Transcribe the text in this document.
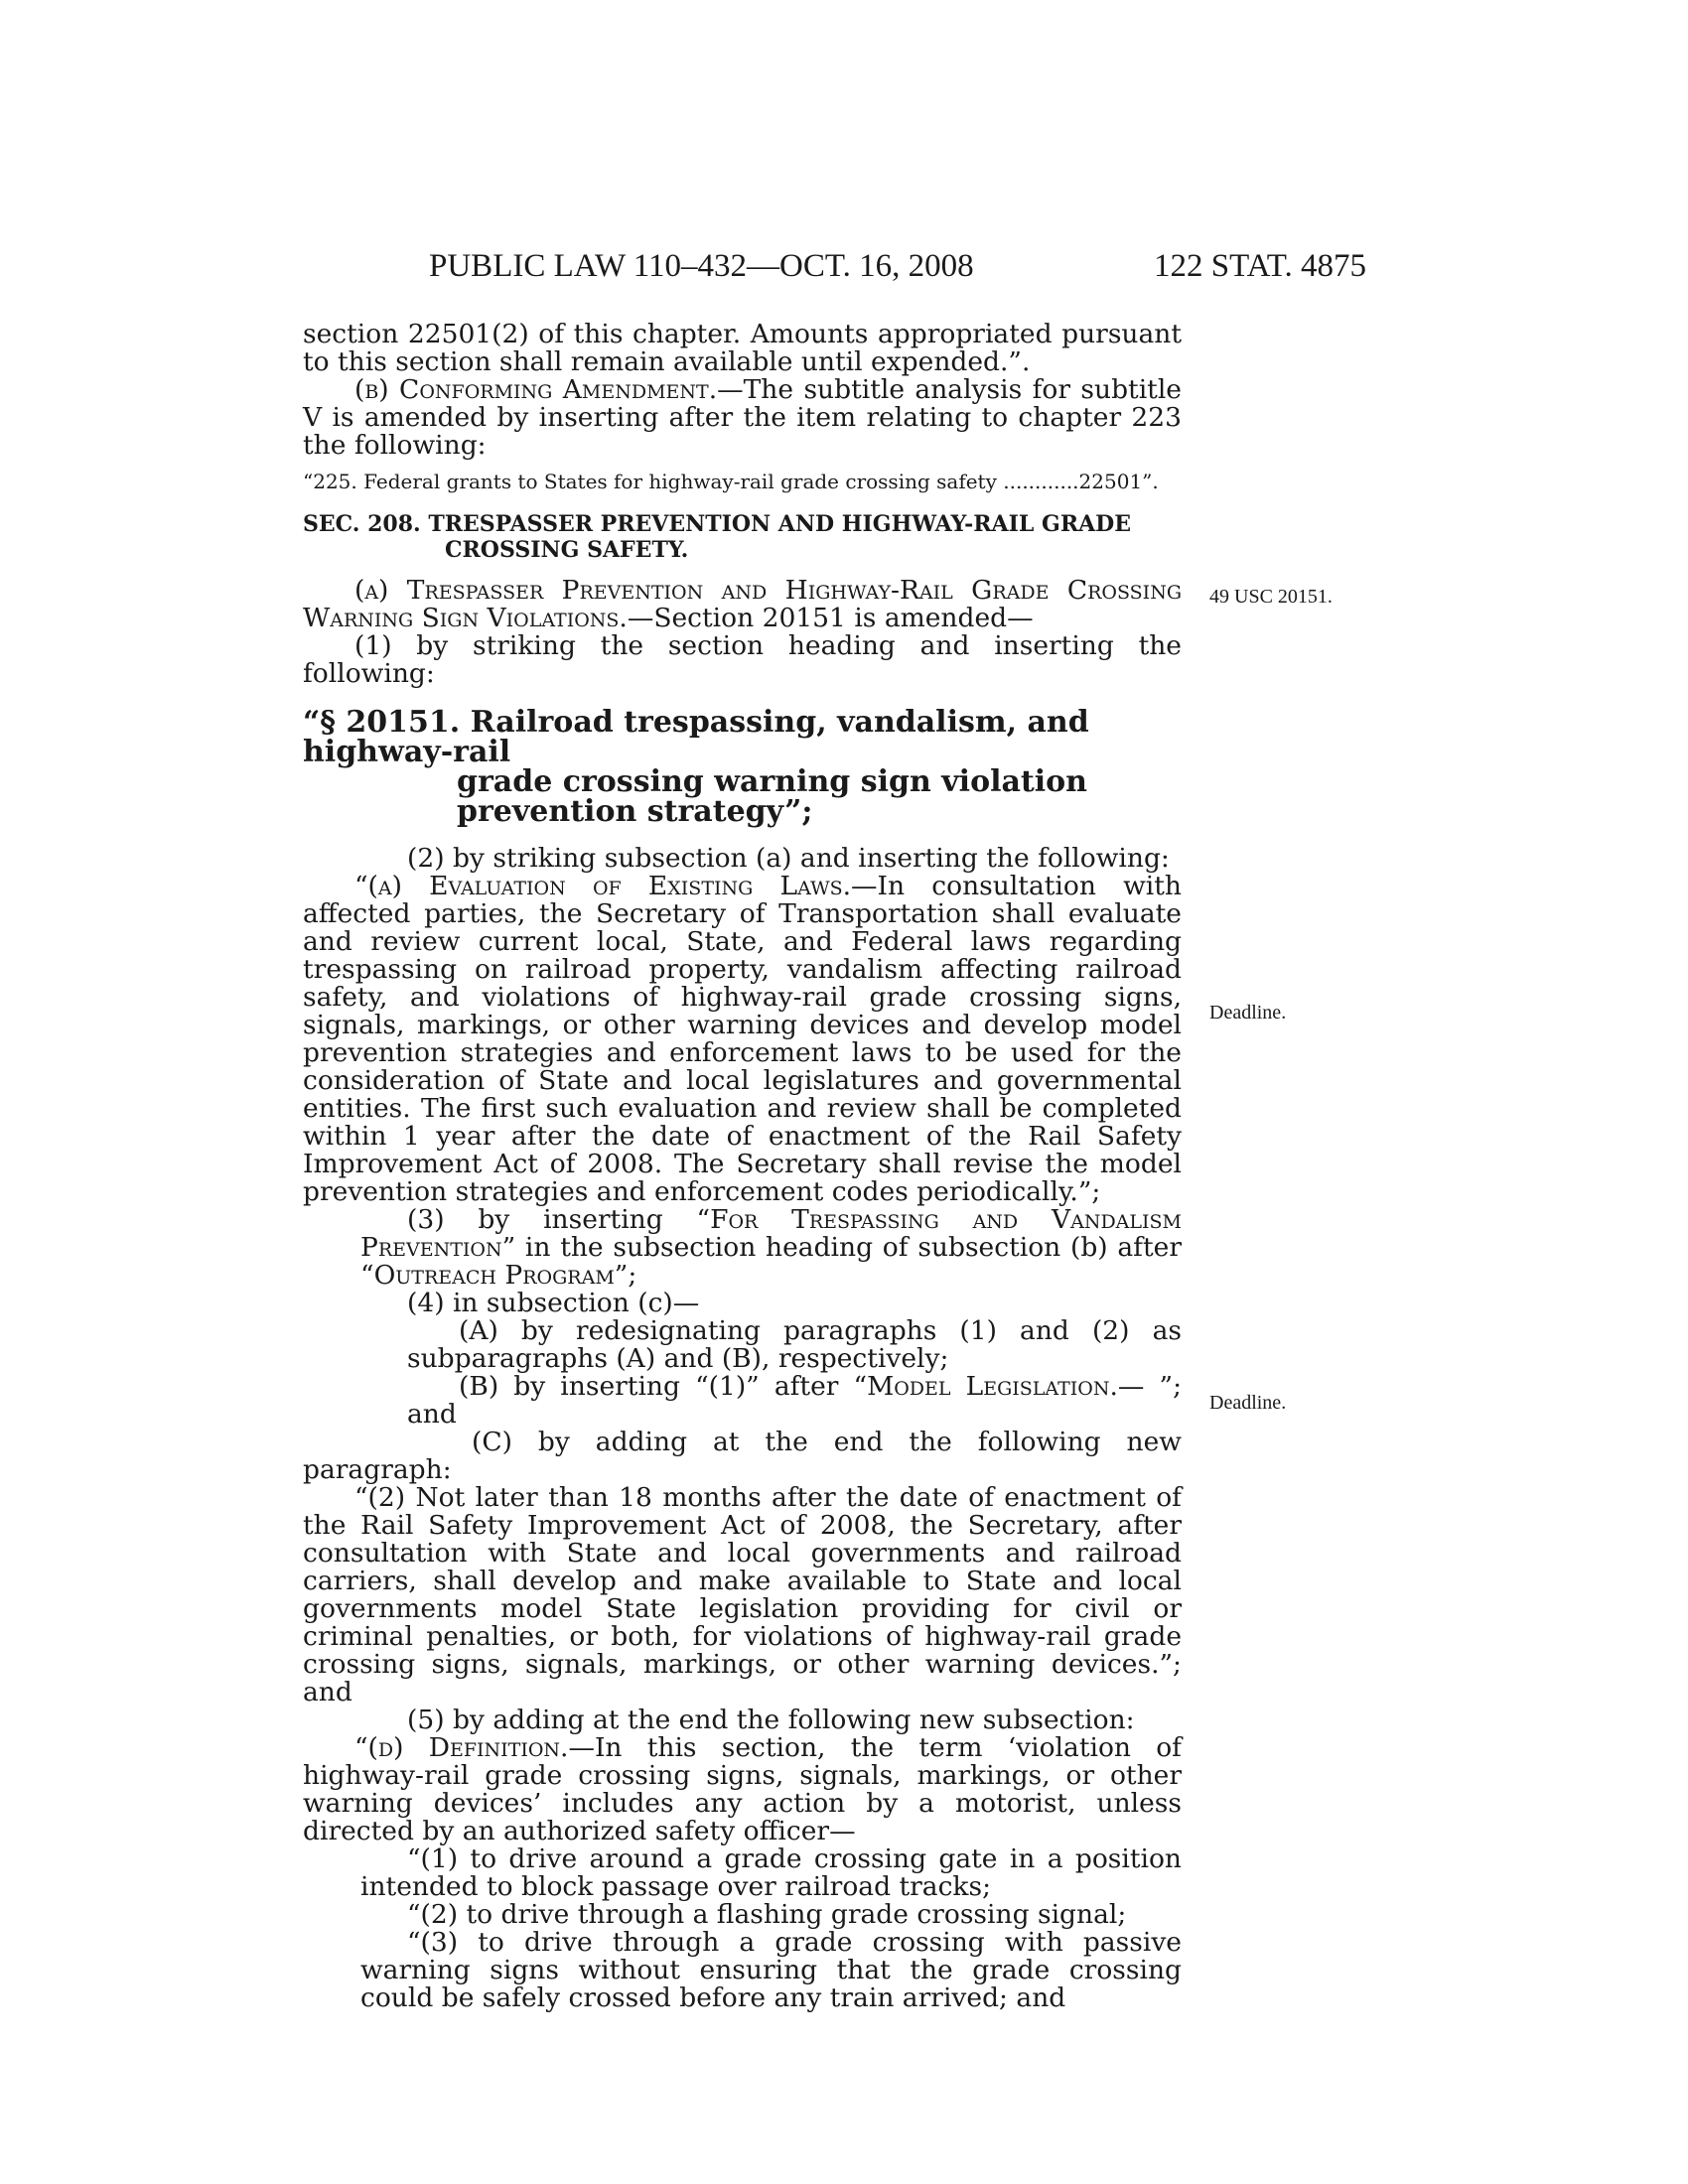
PUBLIC LAW 110–432—OCT. 16, 2008	122 STAT. 4875
49 USC 20151.
Deadline.
Deadline.

section 22501(2) of this chapter. Amounts appropriated pursuant to this section shall remain available until expended.”.

(b) Conforming Amendment.—The subtitle analysis for subtitle V is amended by inserting after the item relating to chapter 223 the following:

“225. Federal grants to States for highway-rail grade crossing safety ............22501”.

SEC. 208. TRESPASSER PREVENTION AND HIGHWAY-RAIL GRADE
CROSSING SAFETY.

(a) Trespasser Prevention and Highway-Rail Grade Crossing Warning Sign Violations.—Section 20151 is amended—

(1) by striking the section heading and inserting the following:

“§ 20151. Railroad trespassing, vandalism, and highway-rail
grade crossing warning sign violation prevention strategy”;

(2) by striking subsection (a) and inserting the following:

“(a) Evaluation of Existing Laws.—In consultation with affected parties, the Secretary of Transportation shall evaluate and review current local, State, and Federal laws regarding trespassing on railroad property, vandalism affecting railroad safety, and violations of highway-rail grade crossing signs, signals, markings, or other warning devices and develop model prevention strategies and enforcement laws to be used for the consideration of State and local legislatures and governmental entities. The first such evaluation and review shall be completed within 1 year after the date of enactment of the Rail Safety Improvement Act of 2008. The Secretary shall revise the model prevention strategies and enforcement codes periodically.”;

(3) by inserting “For Trespassing and Vandalism Prevention” in the subsection heading of subsection (b) after “Outreach Program”;

(4) in subsection (c)—

(A) by redesignating paragraphs (1) and (2) as subparagraphs (A) and (B), respectively;

(B) by inserting “(1)” after “Model Legislation.— ”; and

(C) by adding at the end the following new paragraph:

“(2) Not later than 18 months after the date of enactment of the Rail Safety Improvement Act of 2008, the Secretary, after consultation with State and local governments and railroad carriers, shall develop and make available to State and local governments model State legislation providing for civil or criminal penalties, or both, for violations of highway-rail grade crossing signs, signals, markings, or other warning devices.”; and

(5) by adding at the end the following new subsection:

“(d) Definition.—In this section, the term ‘violation of highway-rail grade crossing signs, signals, markings, or other warning devices’ includes any action by a motorist, unless directed by an authorized safety officer—

“(1) to drive around a grade crossing gate in a position intended to block passage over railroad tracks;

“(2) to drive through a flashing grade crossing signal;

“(3) to drive through a grade crossing with passive warning signs without ensuring that the grade crossing could be safely crossed before any train arrived; and
